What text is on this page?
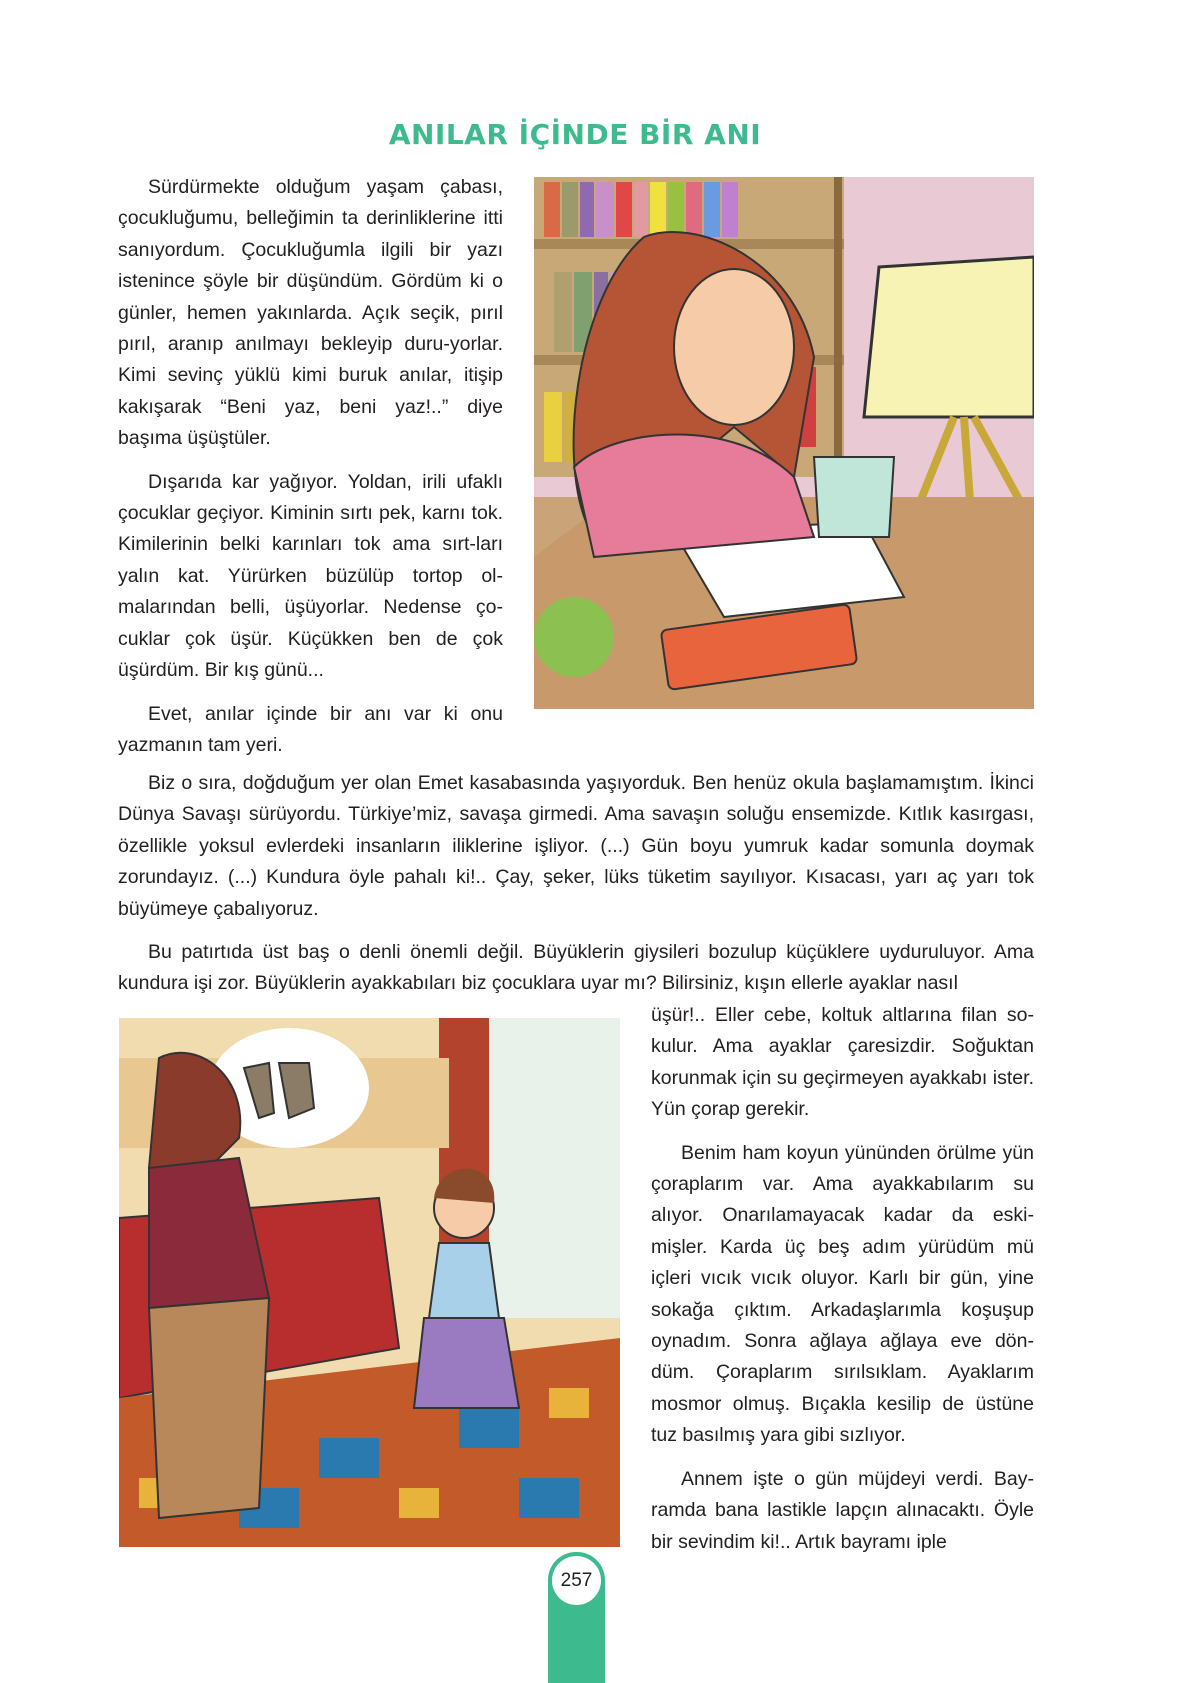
ANILAR İÇİNDE BİR ANI

Sürdürmekte olduğum yaşam çabası, çocukluğumu, belleğimin ta derinliklerine itti sanıyordum. Çocukluğumla ilgili bir yazı istenince şöyle bir düşündüm. Gördüm ki o günler, hemen yakınlarda. Açık seçik, pırıl pırıl, aranıp anılmayı bekleyip duru-yorlar. Kimi sevinç yüklü kimi buruk anılar, itişip kakışarak “Beni yaz, beni yaz!..” diye başıma üşüştüler.

Dışarıda kar yağıyor. Yoldan, irili ufaklı çocuklar geçiyor. Kiminin sırtı pek, karnı tok. Kimilerinin belki karınları tok ama sırt-ları yalın kat. Yürürken büzülüp tortop ol-malarından belli, üşüyorlar. Nedense ço-cuklar çok üşür. Küçükken ben de çok üşürdüm. Bir kış günü...

Evet, anılar içinde bir anı var ki onu yazmanın tam yeri.

Biz o sıra, doğduğum yer olan Emet kasabasında yaşıyorduk. Ben henüz okula başlamamıştım. İkinci Dünya Savaşı sürüyordu. Türkiye’miz, savaşa girmedi. Ama savaşın soluğu ensemizde. Kıtlık kasırgası, özellikle yoksul evlerdeki insanların iliklerine işliyor. (...) Gün boyu yumruk kadar somunla doymak zorundayız. (...) Kundura öyle pahalı ki!.. Çay, şeker, lüks tüketim sayılıyor. Kısacası, yarı aç yarı tok büyümeye çabalıyoruz.

Bu patırtıda üst baş o denli önemli değil. Büyüklerin giysileri bozulup küçüklere uyduruluyor. Ama kundura işi zor. Büyüklerin ayakkabıları biz çocuklara uyar mı? Bilirsiniz, kışın ellerle ayaklar nasıl

üşür!.. Eller cebe, koltuk altlarına filan so-kulur. Ama ayaklar çaresizdir. Soğuktan korunmak için su geçirmeyen ayakkabı ister. Yün çorap gerekir.

Benim ham koyun yününden örülme yün çoraplarım var. Ama ayakkabılarım su alıyor. Onarılamayacak kadar da eski-mişler. Karda üç beş adım yürüdüm mü içleri vıcık vıcık oluyor. Karlı bir gün, yine sokağa çıktım. Arkadaşlarımla koşuşup oynadım. Sonra ağlaya ağlaya eve dön-düm. Çoraplarım sırılsıklam. Ayaklarım mosmor olmuş. Bıçakla kesilip de üstüne tuz basılmış yara gibi sızlıyor.

Annem işte o gün müjdeyi verdi. Bay-ramda bana lastikle lapçın alınacaktı. Öyle bir sevindim ki!.. Artık bayramı iple

257
